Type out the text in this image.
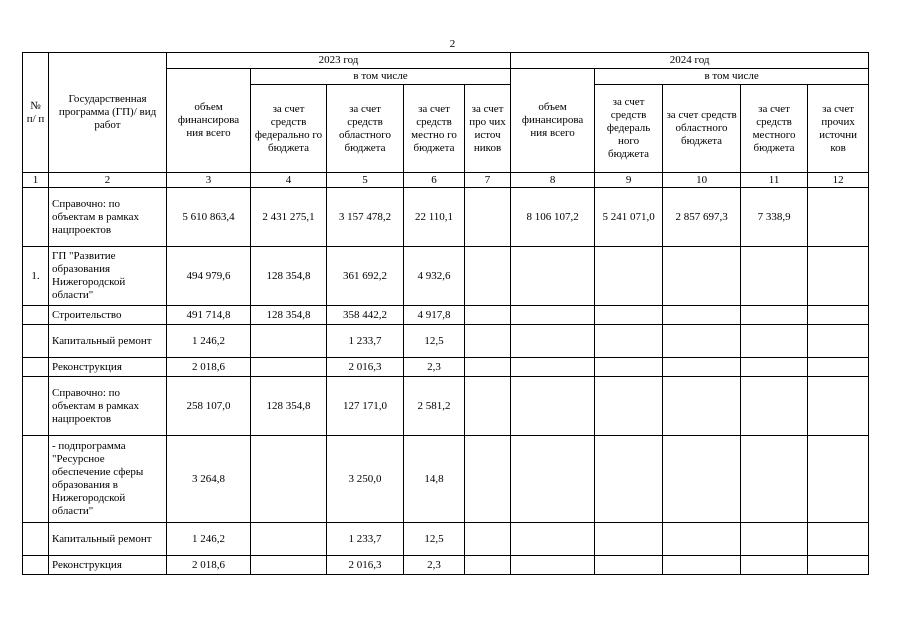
2
№ п/ п	Государственная программа (ГП)/ вид работ	2023 год					2024 год				
		объем финансирова ния всего	в том числе				объем финансирова ния всего	в том числе			
			за счет средств федерально го бюджета	за счет средств областного бюджета	за счет средств местно го бюджета	за счет про чих источ ников		за счет средств федераль ного бюджета	за счет средств областного бюджета	за счет средств местного бюджета	за счет прочих источни ков
1	2	3	4	5	6	7	8	9	10	11	12
	Справочно: по объектам в рамках нацпроектов	5 610 863,4	2 431 275,1	3 157 478,2	22 110,1		8 106 107,2	5 241 071,0	2 857 697,3	7 338,9	
1.	ГП "Развитие образования Нижегородской области"	494 979,6	128 354,8	361 692,2	4 932,6						
	Строительство	491 714,8	128 354,8	358 442,2	4 917,8						
	Капитальный ремонт	1 246,2		1 233,7	12,5						
	Реконструкция	2 018,6		2 016,3	2,3						
	Справочно: по объектам в рамках нацпроектов	258 107,0	128 354,8	127 171,0	2 581,2						
	- подпрограмма "Ресурсное обеспечение сферы образования в Нижегородской области"	3 264,8		3 250,0	14,8						
	Капитальный ремонт	1 246,2		1 233,7	12,5						
	Реконструкция	2 018,6		2 016,3	2,3						
